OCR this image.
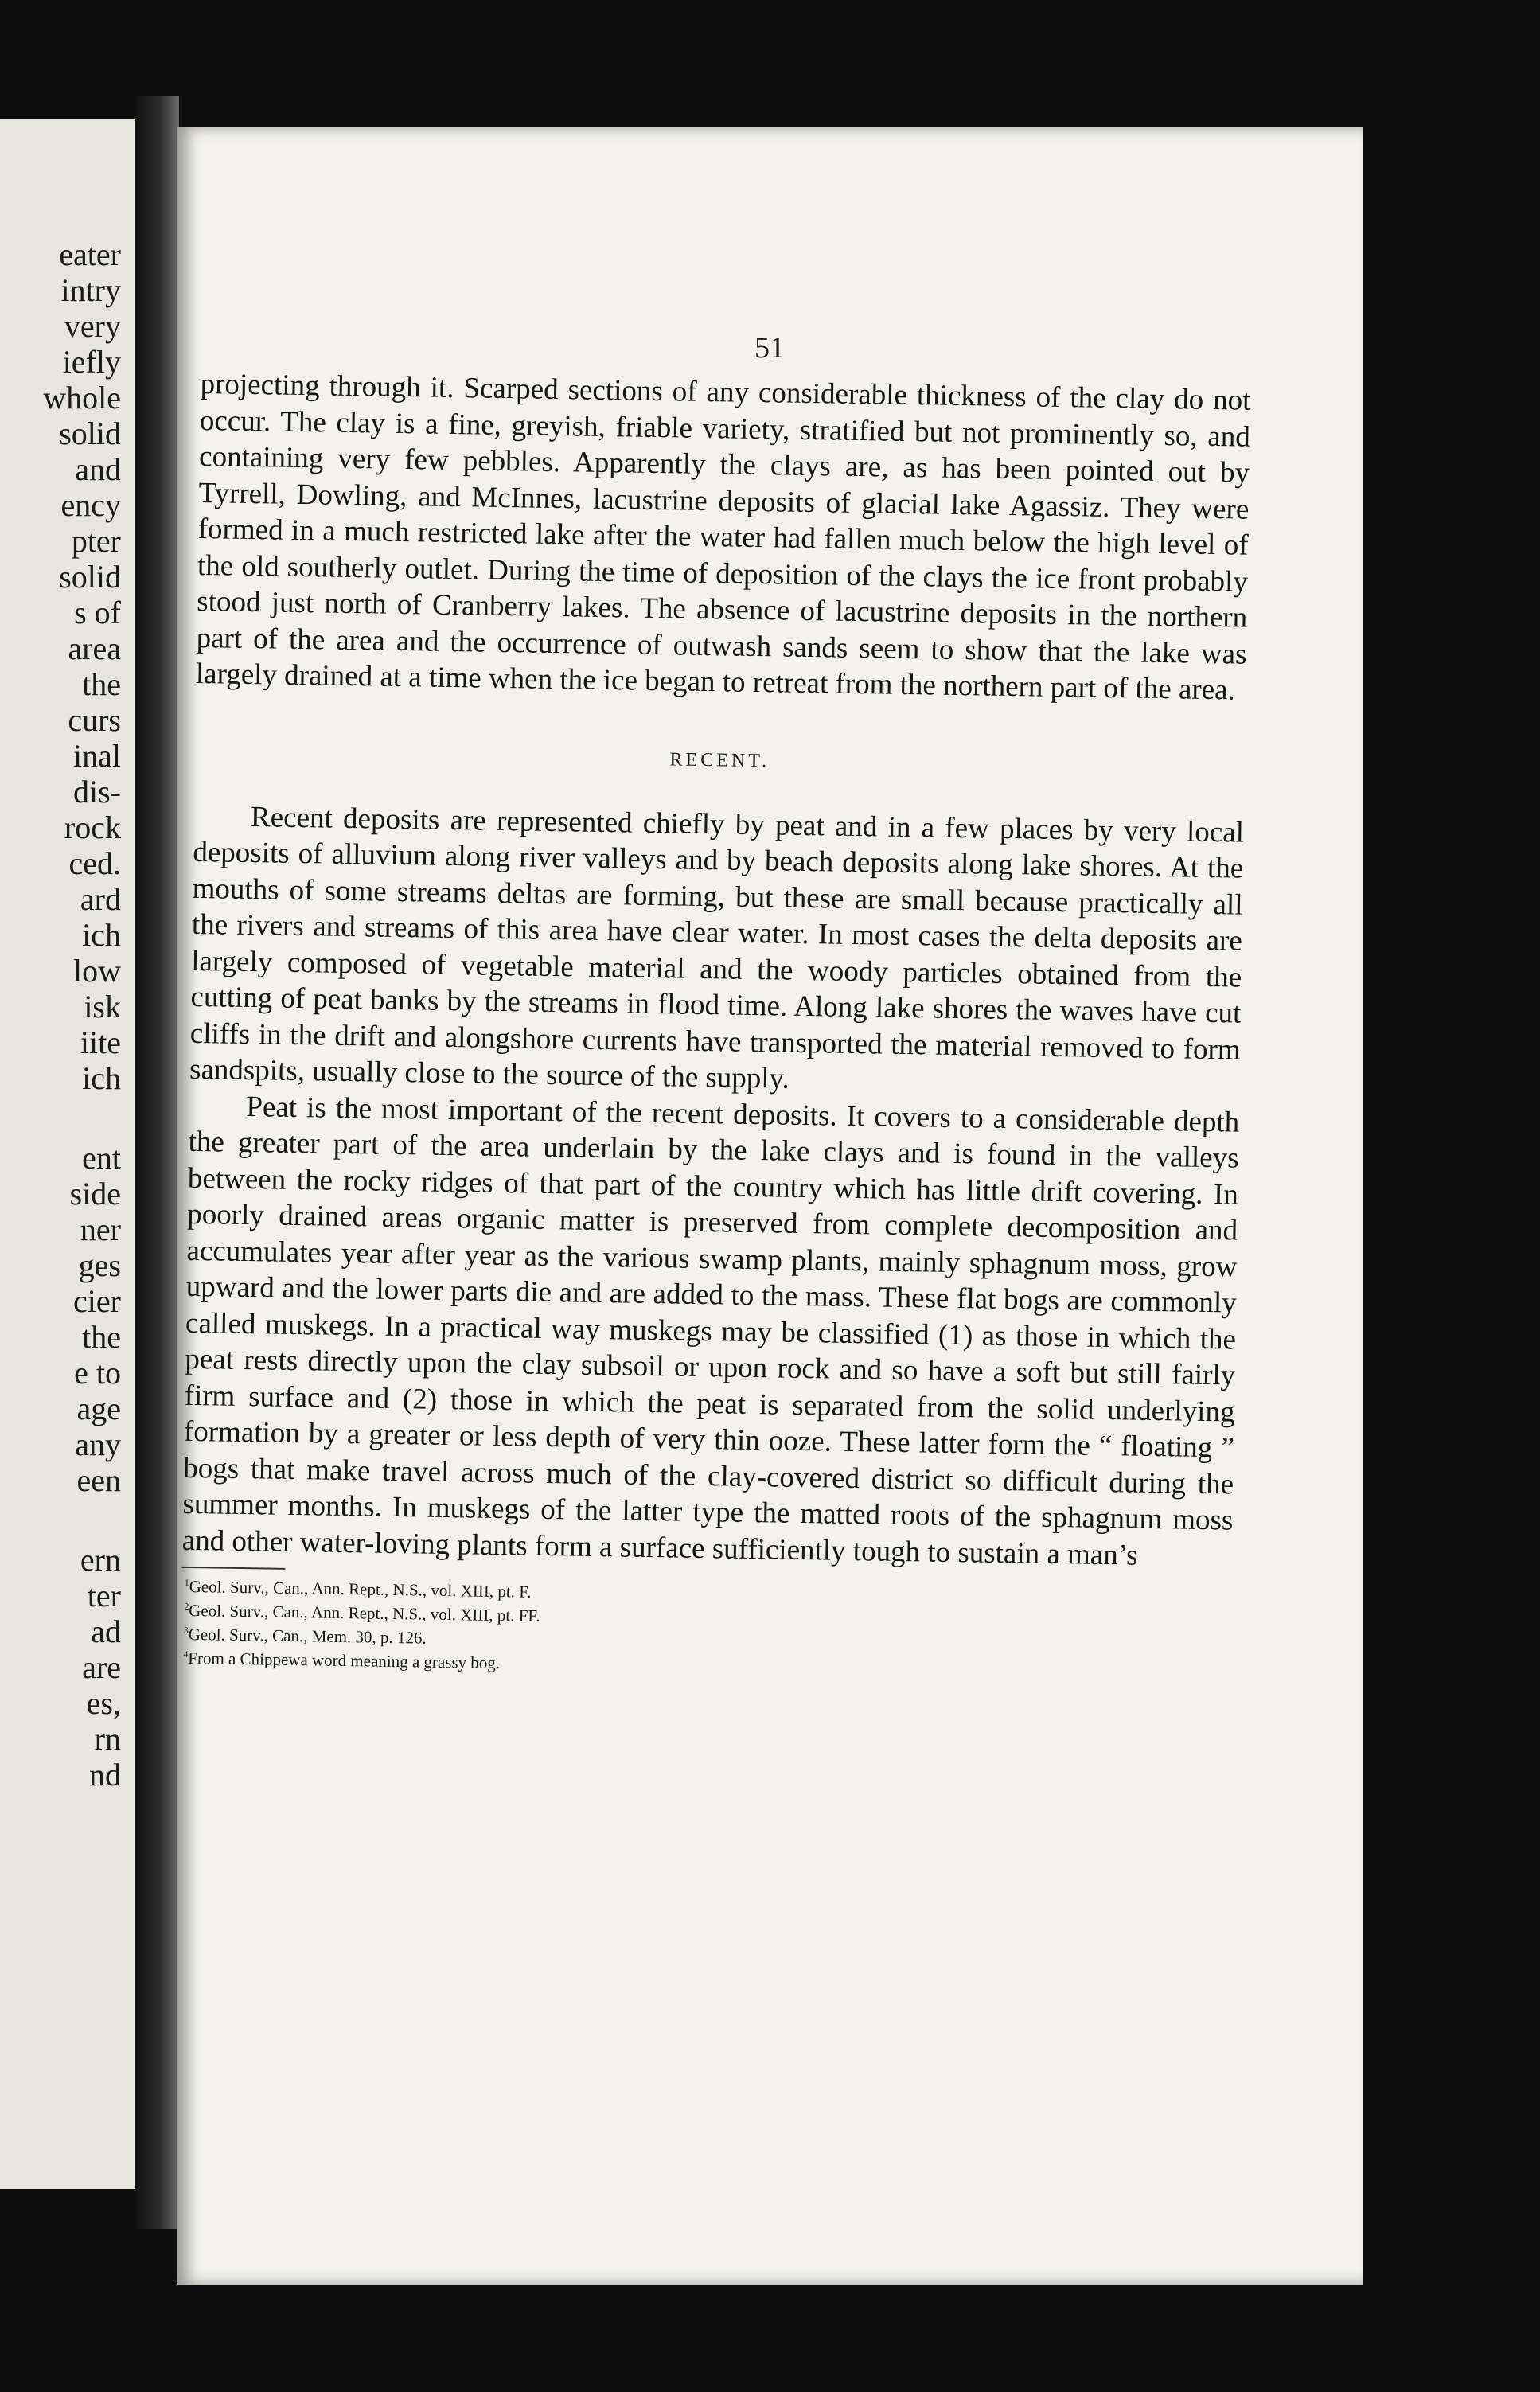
eater
intry
very
iefly
whole
solid
and
ency
pter
solid
s of
area
the
curs
inal
dis-
rock
ced.
ard
ich
low
isk
iite
ich
ent
side
ner
ges
cier
the
e to
age
any
een
ern
ter
ad
are
es,
rn
nd
51

projecting through it. Scarped sections of any considerable thickness of the clay do not occur. The clay is a fine, greyish, friable variety, stratified but not prominently so, and containing very few pebbles. Apparently the clays are, as has been pointed out by Tyrrell, Dowling, and McInnes, lacustrine deposits of glacial lake Agassiz. They were formed in a much restricted lake after the water had fallen much below the high level of the old southerly outlet. During the time of deposition of the clays the ice front probably stood just north of Cranberry lakes. The absence of lacustrine deposits in the northern part of the area and the occurrence of outwash sands seem to show that the lake was largely drained at a time when the ice began to retreat from the northern part of the area.

RECENT.

Recent deposits are represented chiefly by peat and in a few places by very local deposits of alluvium along river valleys and by beach deposits along lake shores. At the mouths of some streams deltas are forming, but these are small because practically all the rivers and streams of this area have clear water. In most cases the delta deposits are largely composed of vegetable material and the woody particles obtained from the cutting of peat banks by the streams in flood time. Along lake shores the waves have cut cliffs in the drift and alongshore currents have transported the material removed to form sandspits, usually close to the source of the supply.

Peat is the most important of the recent deposits. It covers to a considerable depth the greater part of the area underlain by the lake clays and is found in the valleys between the rocky ridges of that part of the country which has little drift covering. In poorly drained areas organic matter is preserved from complete decomposition and accumulates year after year as the various swamp plants, mainly sphagnum moss, grow upward and the lower parts die and are added to the mass. These flat bogs are commonly called muskegs. In a practical way muskegs may be classified (1) as those in which the peat rests directly upon the clay subsoil or upon rock and so have a soft but still fairly firm surface and (2) those in which the peat is separated from the solid underlying formation by a greater or less depth of very thin ooze. These latter form the “ floating ” bogs that make travel across much of the clay-covered district so difficult during the summer months. In muskegs of the latter type the matted roots of the sphagnum moss and other water-loving plants form a surface sufficiently tough to sustain a man’s

$^1$Geol. Surv., Can., Ann. Rept., N.S., vol. XIII, pt. F.
$^2$Geol. Surv., Can., Ann. Rept., N.S., vol. XIII, pt. FF.
$^3$Geol. Surv., Can., Mem. 30, p. 126.
$^4$From a Chippewa word meaning a grassy bog.
